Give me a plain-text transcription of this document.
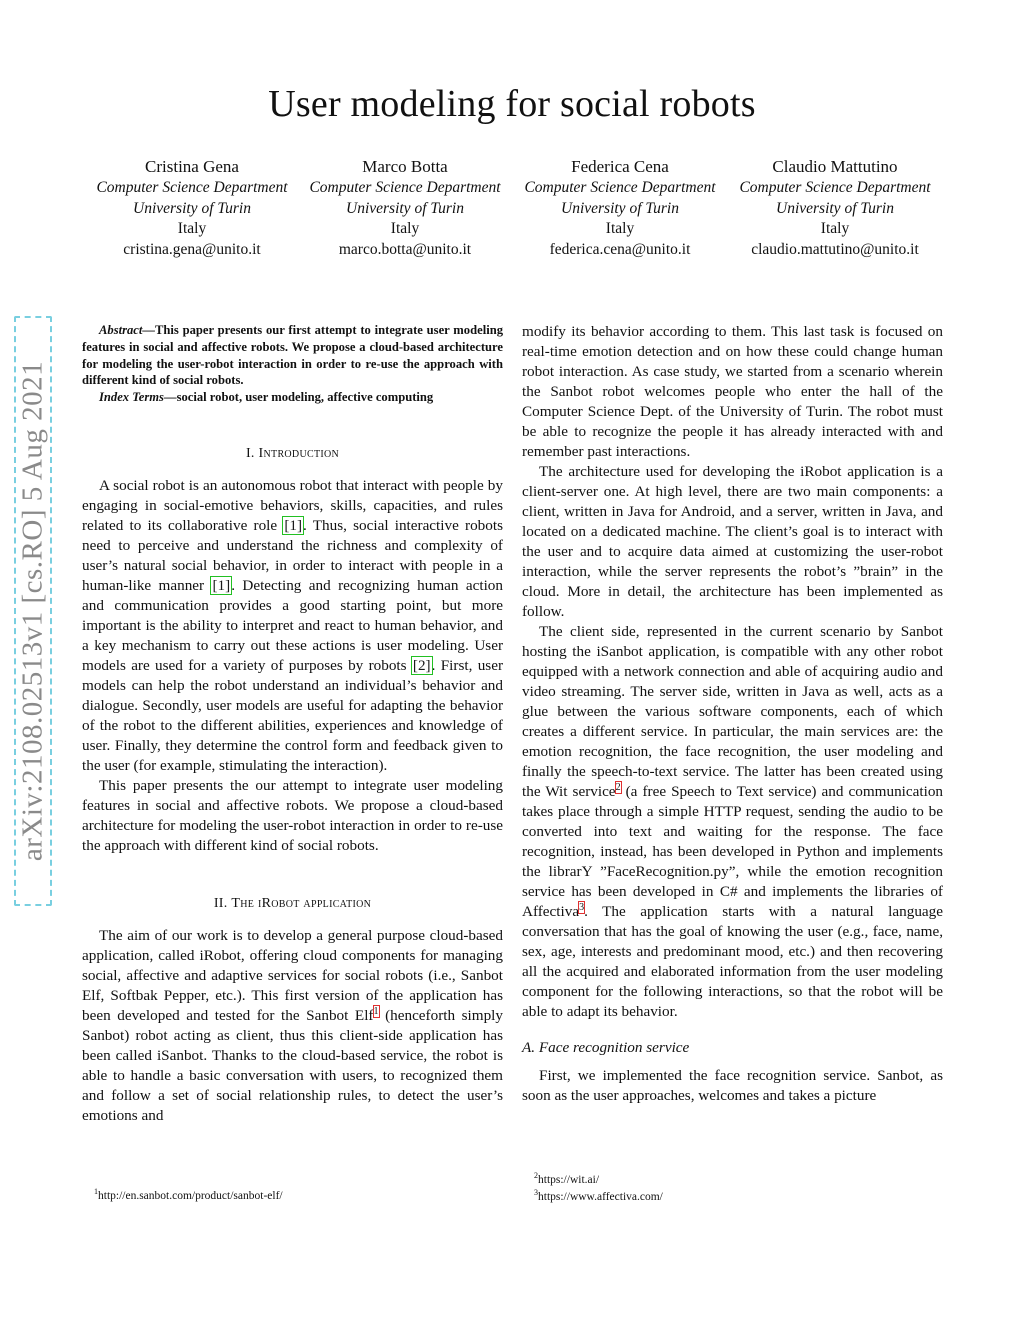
User modeling for social robots
Cristina Gena
Computer Science Department
University of Turin
Italy
cristina.gena@unito.it
Marco Botta
Computer Science Department
University of Turin
Italy
marco.botta@unito.it
Federica Cena
Computer Science Department
University of Turin
Italy
federica.cena@unito.it
Claudio Mattutino
Computer Science Department
University of Turin
Italy
claudio.mattutino@unito.it
arXiv:2108.02513v1 [cs.RO] 5 Aug 2021

Abstract—This paper presents our first attempt to integrate user modeling features in social and affective robots. We propose a cloud-based architecture for modeling the user-robot interaction in order to re-use the approach with different kind of social robots.

Index Terms—social robot, user modeling, affective computing

I. Introduction

A social robot is an autonomous robot that interact with people by engaging in social-emotive behaviors, skills, capacities, and rules related to its collaborative role [1]. Thus, social interactive robots need to perceive and understand the richness and complexity of user’s natural social behavior, in order to interact with people in a human-like manner [1]. Detecting and recognizing human action and communication provides a good starting point, but more important is the ability to interpret and react to human behavior, and a key mechanism to carry out these actions is user modeling. User models are used for a variety of purposes by robots [2]. First, user models can help the robot understand an individual’s behavior and dialogue. Secondly, user models are useful for adapting the behavior of the robot to the different abilities, experiences and knowledge of user. Finally, they determine the control form and feedback given to the user (for example, stimulating the interaction).

This paper presents the our attempt to integrate user modeling features in social and affective robots. We propose a cloud-based architecture for modeling the user-robot interaction in order to re-use the approach with different kind of social robots.

II. The iRobot application

The aim of our work is to develop a general purpose cloud-based application, called iRobot, offering cloud components for managing social, affective and adaptive services for social robots (i.e., Sanbot Elf, Softbak Pepper, etc.). This first version of the application has been developed and tested for the Sanbot Elf$^1$ (henceforth simply Sanbot) robot acting as client, thus this client-side application has been called iSanbot. Thanks to the cloud-based service, the robot is able to handle a basic conversation with users, to recognized them and follow a set of social relationship rules, to detect the user’s emotions and

$^1$http://en.sanbot.com/product/sanbot-elf/

modify its behavior according to them. This last task is focused on real-time emotion detection and on how these could change human robot interaction. As case study, we started from a scenario wherein the Sanbot robot welcomes people who enter the hall of the Computer Science Dept. of the University of Turin. The robot must be able to recognize the people it has already interacted with and remember past interactions.

The architecture used for developing the iRobot application is a client-server one. At high level, there are two main components: a client, written in Java for Android, and a server, written in Java, and located on a dedicated machine. The client’s goal is to interact with the user and to acquire data aimed at customizing the user-robot interaction, while the server represents the robot’s ”brain” in the cloud. More in detail, the architecture has been implemented as follow.

The client side, represented in the current scenario by Sanbot hosting the iSanbot application, is compatible with any other robot equipped with a network connection and able of acquiring audio and video streaming. The server side, written in Java as well, acts as a glue between the various software components, each of which creates a different service. In particular, the main services are: the emotion recognition, the face recognition, the user modeling and finally the speech-to-text service. The latter has been created using the Wit service$^2$ (a free Speech to Text service) and communication takes place through a simple HTTP request, sending the audio to be converted into text and waiting for the response. The face recognition, instead, has been developed in Python and implements the librarY ”FaceRecognition.py”, while the emotion recognition service has been developed in C# and implements the libraries of Affectiva$^3$. The application starts with a natural language conversation that has the goal of knowing the user (e.g., face, name, sex, age, interests and predominant mood, etc.) and then recovering all the acquired and elaborated information from the user modeling component for the following interactions, so that the robot will be able to adapt its behavior.

A. Face recognition service

First, we implemented the face recognition service. Sanbot, as soon as the user approaches, welcomes and takes a picture

$^2$https://wit.ai/
$^3$https://www.affectiva.com/
